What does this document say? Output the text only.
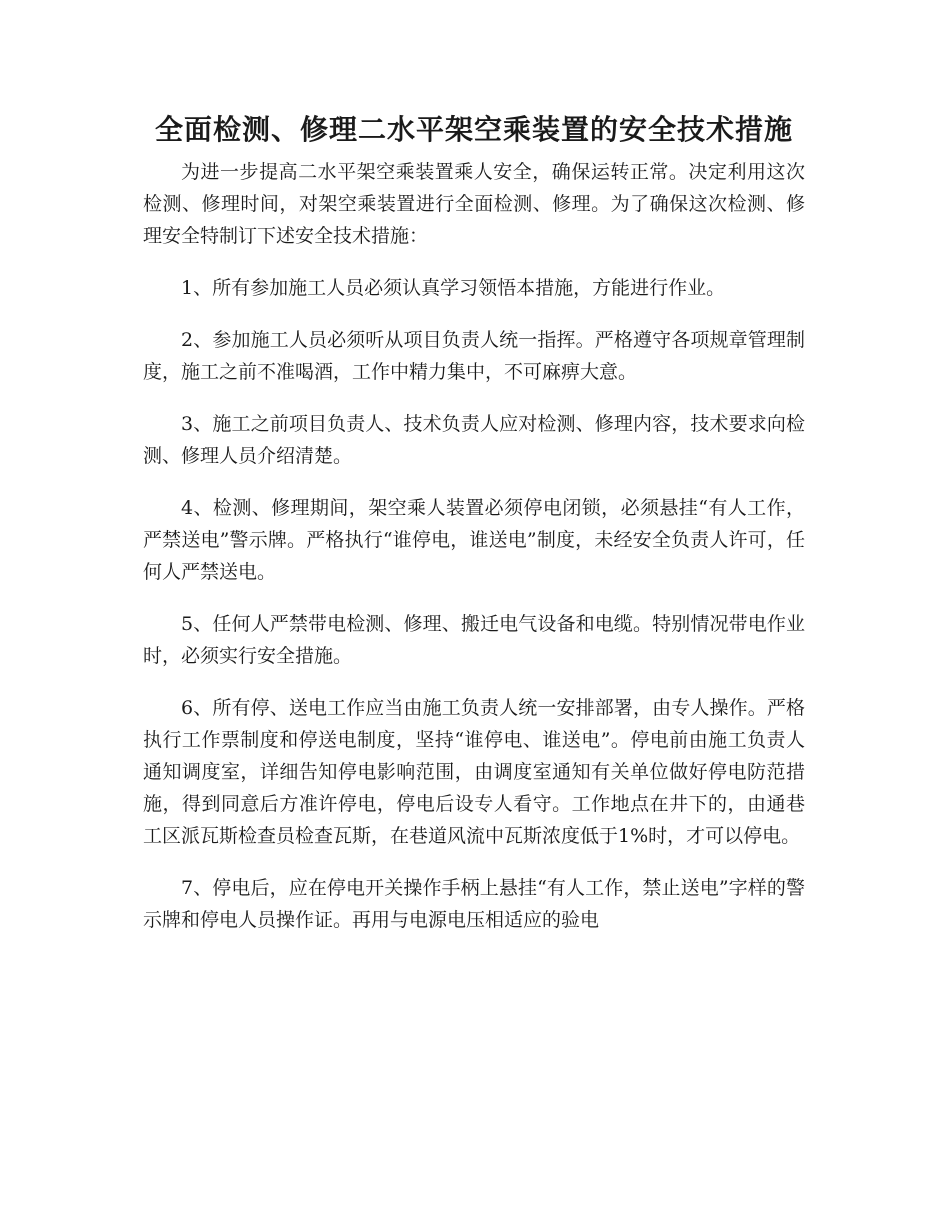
全面检测、修理二水平架空乘装置的安全技术措施

为进一步提高二水平架空乘装置乘人安全，确保运转正常。决定利用这次检测、修理时间，对架空乘装置进行全面检测、修理。为了确保这次检测、修理安全特制订下述安全技术措施：

1、所有参加施工人员必须认真学习领悟本措施，方能进行作业。

2、参加施工人员必须听从项目负责人统一指挥。严格遵守各项规章管理制度，施工之前不准喝酒，工作中精力集中，不可麻痹大意。

3、施工之前项目负责人、技术负责人应对检测、修理内容，技术要求向检测、修理人员介绍清楚。

4、检测、修理期间，架空乘人装置必须停电闭锁，必须悬挂“有人工作，严禁送电”警示牌。严格执行“谁停电，谁送电”制度，未经安全负责人许可，任何人严禁送电。

5、任何人严禁带电检测、修理、搬迁电气设备和电缆。特别情况带电作业时，必须实行安全措施。

6、所有停、送电工作应当由施工负责人统一安排部署，由专人操作。严格执行工作票制度和停送电制度，坚持“谁停电、谁送电”。停电前由施工负责人通知调度室，详细告知停电影响范围，由调度室通知有关单位做好停电防范措施，得到同意后方准许停电，停电后设专人看守。工作地点在井下的，由通巷工区派瓦斯检查员检查瓦斯，在巷道风流中瓦斯浓度低于1%时，才可以停电。

7、停电后，应在停电开关操作手柄上悬挂“有人工作，禁止送电”字样的警示牌和停电人员操作证。再用与电源电压相适应的验电
